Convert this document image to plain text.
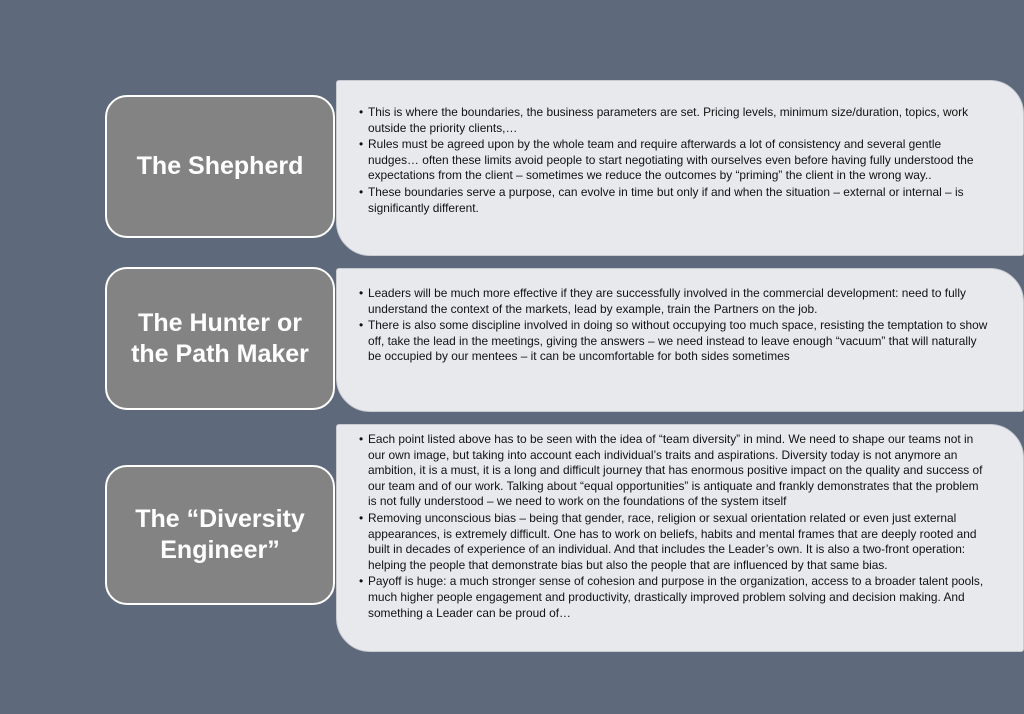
• This is where the boundaries, the business parameters are set. Pricing levels, minimum size/duration, topics, work outside the priority clients,…
• Rules must be agreed upon by the whole team and require afterwards a lot of consistency and several gentle nudges… often these limits avoid people to start negotiating with ourselves even before having fully understood the expectations from the client – sometimes we reduce the outcomes by “priming” the client in the wrong way..
• These boundaries serve a purpose, can evolve in time but only if and when the situation – external or internal – is significantly different.
The Shepherd
• Leaders will be much more effective if they are successfully involved in the commercial development: need to fully understand the context of the markets, lead by example, train the Partners on the job.
• There is also some discipline involved in doing so without occupying too much space, resisting the temptation to show off, take the lead in the meetings, giving the answers – we need instead to leave enough “vacuum” that will naturally be occupied by our mentees – it can be uncomfortable for both sides sometimes
The Hunter or the Path Maker
• Each point listed above has to be seen with the idea of “team diversity” in mind. We need to shape our teams not in our own image, but taking into account each individual’s traits and aspirations. Diversity today is not anymore an ambition, it is a must, it is a long and difficult journey that has enormous positive impact on the quality and success of our team and of our work. Talking about “equal opportunities” is antiquate and frankly demonstrates that the problem is not fully understood – we need to work on the foundations of the system itself
• Removing unconscious bias – being that gender, race, religion or sexual orientation related or even just external appearances, is extremely difficult. One has to work on beliefs, habits and mental frames that are deeply rooted and built in decades of experience of an individual. And that includes the Leader’s own. It is also a two-front operation: helping the people that demonstrate bias but also the people that are influenced by that same bias.
• Payoff is huge: a much stronger sense of cohesion and purpose in the organization, access to a broader talent pools, much higher people engagement and productivity, drastically improved problem solving and decision making. And something a Leader can be proud of…
The “Diversity Engineer”
